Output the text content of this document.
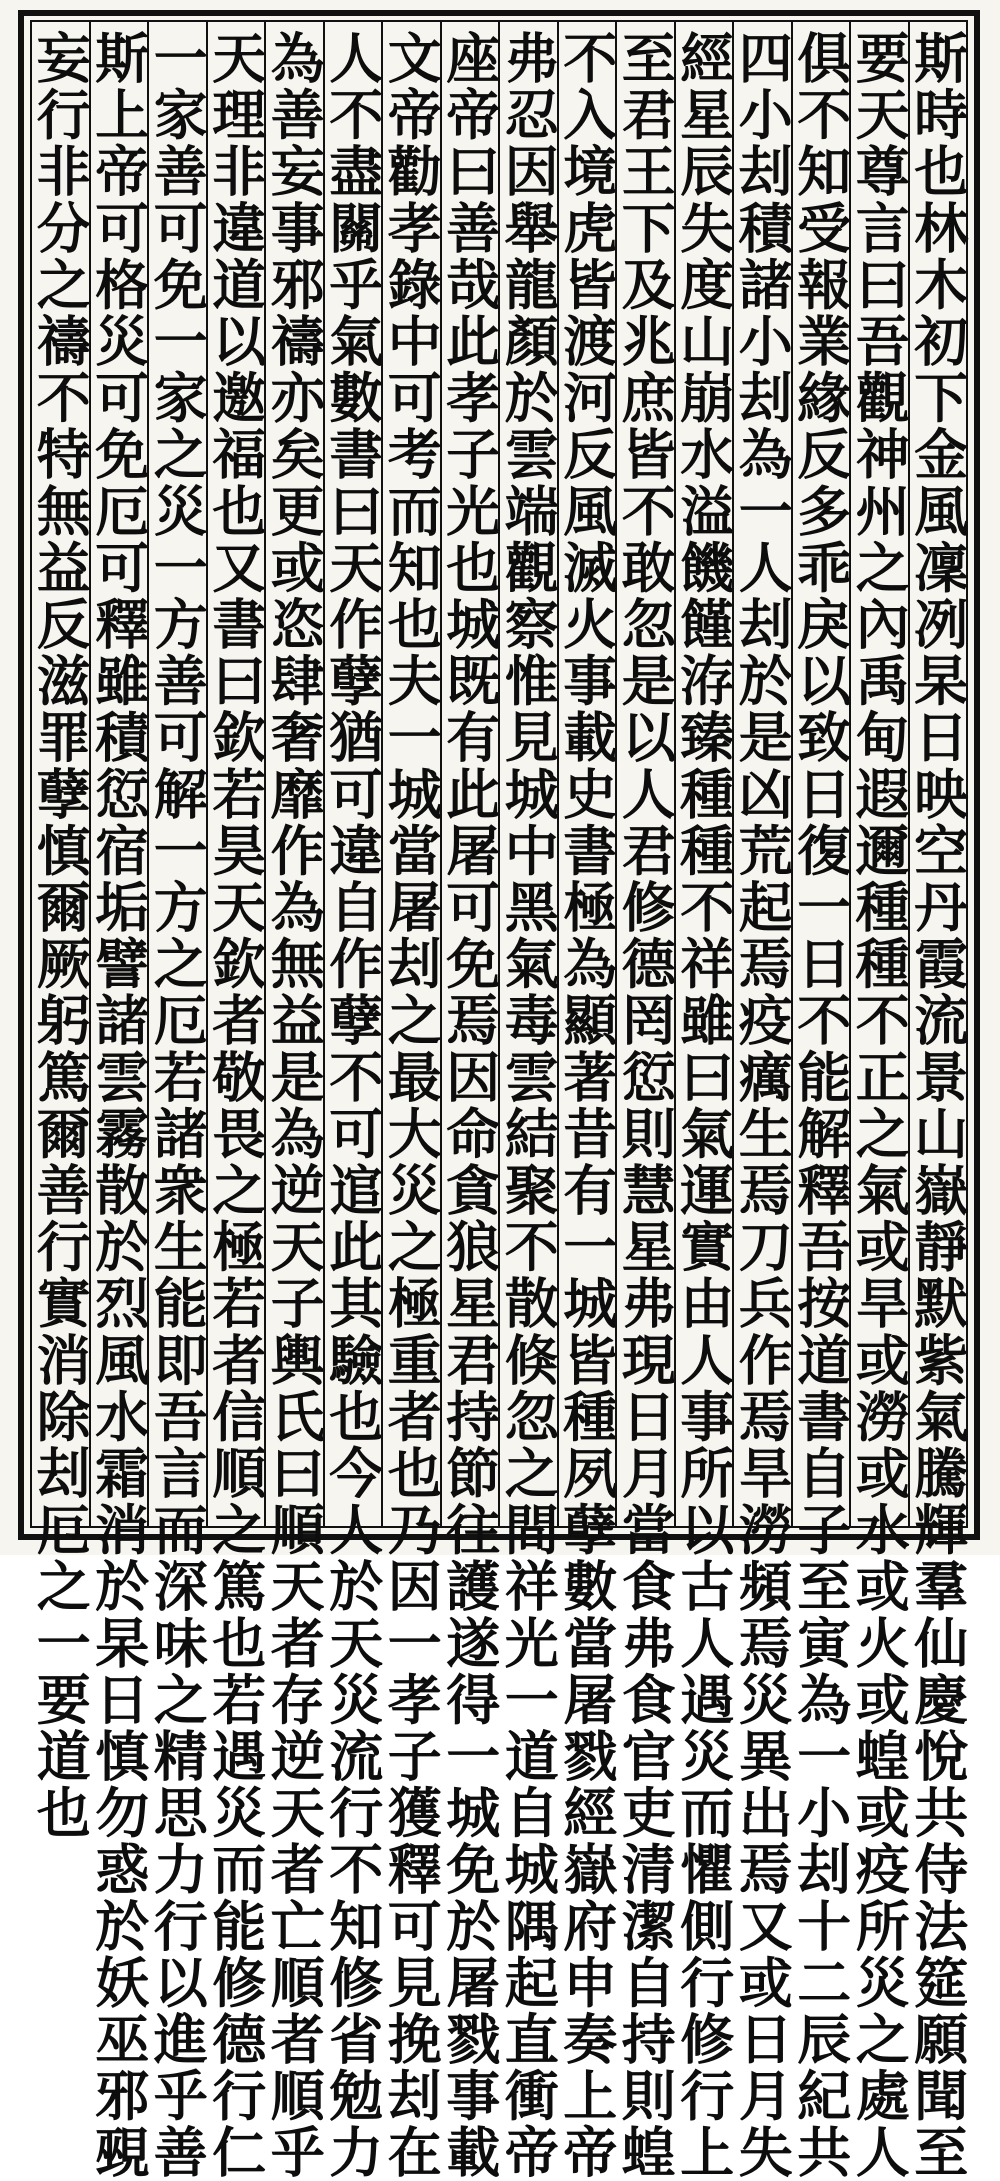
斯時也林木初下金風凜冽杲日映空丹霞流景山嶽靜默紫氣騰輝羣仙慶悅共侍法筵願聞至
要天尊言曰吾觀神州之內禹甸遐邇種種不正之氣或旱或澇或水或火或蝗或疫所災之處人
俱不知受報業緣反多乖戾以致日復一日不能解釋吾按道書自子至寅為一小刦十二辰紀共
四小刦積諸小刦為一人刦於是凶荒起焉疫癘生焉刀兵作焉旱澇頻焉災異出焉又或日月失
經星辰失度山崩水溢饑饉洊臻種種不祥雖曰氣運實由人事所以古人遇災而懼側行修行上
至君王下及兆庶皆不敢忽是以人君修德罔愆則慧星弗現日月當食弗食官吏清潔自持則蝗
不入境虎皆渡河反風滅火事載史書極為顯著昔有一城皆種夙孽數當屠戮經嶽府申奏上帝
弗忍因舉龍顏於雲端觀察惟見城中黑氣毒雲結聚不散倏忽之間祥光一道自城隅起直衝帝
座帝曰善哉此孝子光也城既有此屠可免焉因命貪狼星君持節往護遂得一城免於屠戮事載
文帝勸孝錄中可考而知也夫一城當屠刦之最大災之極重者也乃因一孝子獲釋可見挽刦在
人不盡關乎氣數書曰天作孽猶可違自作孽不可逭此其驗也今人於天災流行不知修省勉力
為善妄事邪禱亦矣更或恣肆奢靡作為無益是為逆天子輿氏曰順天者存逆天者亡順者順乎
天理非違道以邀福也又書曰欽若昊天欽者敬畏之極若者信順之篤也若遇災而能修德行仁
一家善可免一家之災一方善可解一方之厄若諸衆生能即吾言而深味之精思力行以進乎善
斯上帝可格災可免厄可釋雖積愆宿垢譬諸雲霧散於烈風水霜消於杲日慎勿惑於妖巫邪覡
妄行非分之禱不特無益反滋罪孽慎爾厥躬篤爾善行實消除刦厄之一要道也
